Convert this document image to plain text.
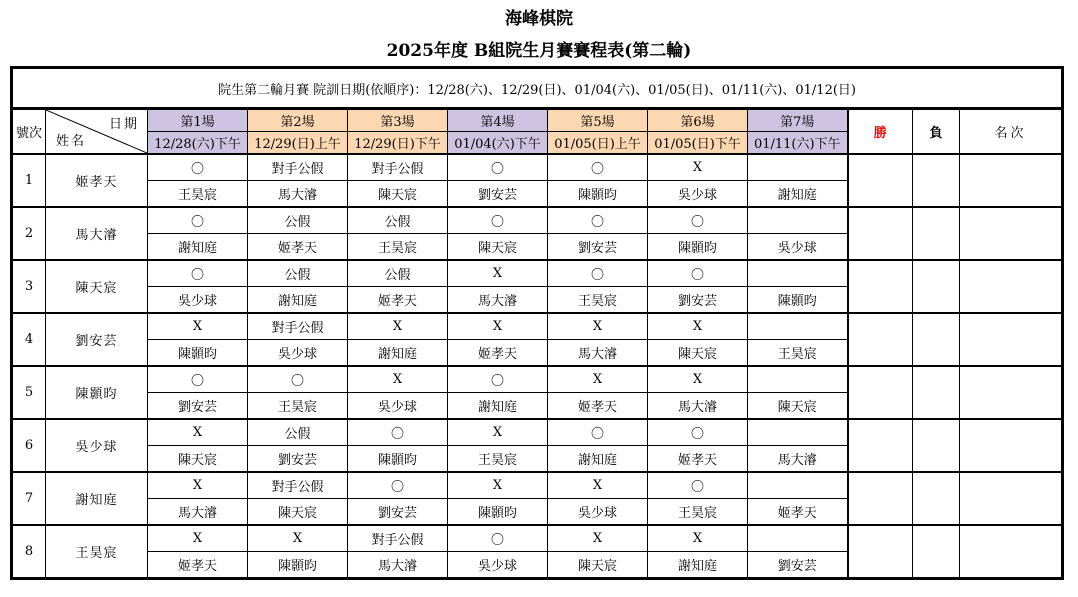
海峰棋院
2025年度 B組院生月賽賽程表(第二輪)
院生第二輪月賽 院訓日期(依順序)：12/28(六)、12/29(日)、01/04(六)、01/05(日)、01/11(六)、01/12(日)											
號次	日期
姓名	第1場	第2場	第3場	第4場	第5場	第6場	第7場	勝	負	名次
		12/28(六)下午	12/29(日)上午	12/29(日)下午	01/04(六)下午	01/05(日)上午	01/05(日)下午	01/11(六)下午			
1	姬孝天	〇	對手公假	對手公假	〇	〇	X				
		王昊宸	馬大濬	陳天宸	劉安芸	陳顥昀	吳少球	謝知庭			
2	馬大濬	〇	公假	公假	〇	〇	〇				
		謝知庭	姬孝天	王昊宸	陳天宸	劉安芸	陳顥昀	吳少球			
3	陳天宸	〇	公假	公假	X	〇	〇				
		吳少球	謝知庭	姬孝天	馬大濬	王昊宸	劉安芸	陳顥昀			
4	劉安芸	X	對手公假	X	X	X	X				
		陳顥昀	吳少球	謝知庭	姬孝天	馬大濬	陳天宸	王昊宸			
5	陳顥昀	〇	〇	X	〇	X	X				
		劉安芸	王昊宸	吳少球	謝知庭	姬孝天	馬大濬	陳天宸			
6	吳少球	X	公假	〇	X	〇	〇				
		陳天宸	劉安芸	陳顥昀	王昊宸	謝知庭	姬孝天	馬大濬			
7	謝知庭	X	對手公假	〇	X	X	〇				
		馬大濬	陳天宸	劉安芸	陳顥昀	吳少球	王昊宸	姬孝天			
8	王昊宸	X	X	對手公假	〇	X	X				
		姬孝天	陳顥昀	馬大濬	吳少球	陳天宸	謝知庭	劉安芸			
